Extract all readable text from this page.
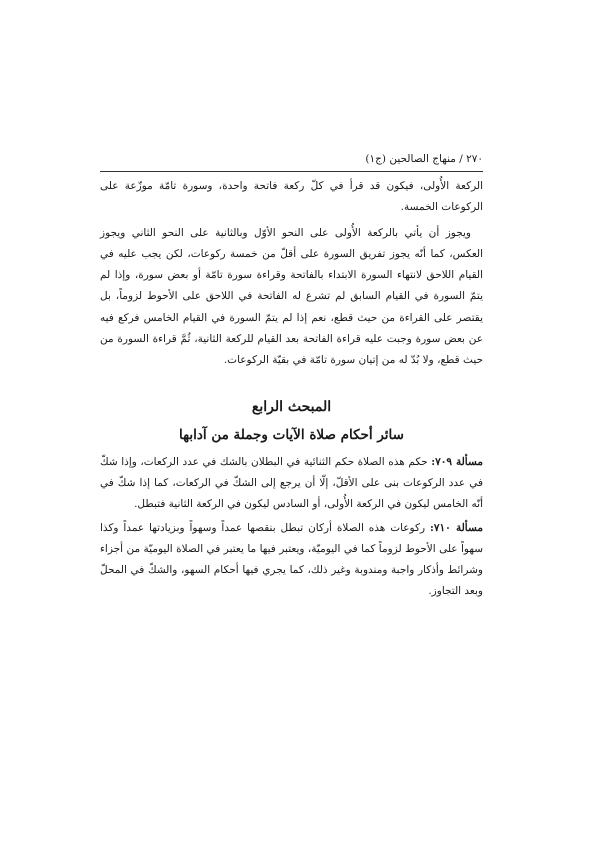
٢٧٠ / منهاج الصالحين (ج١)

الركعة الأُولى، فيكون قد قرأ في كلّ ركعة فاتحة واحدة، وسورة تامّة موزّعة على الركوعات الخمسة.

ويجوز أن يأتي بالركعة الأُولى على النحو الأوّل وبالثانية على النحو الثاني ويجوز العكس، كما أنّه يجوز تفريق السورة على أقلّ من خمسة ركوعات، لكن يجب عليه في القيام اللاحق لانتهاء السورة الابتداء بالفاتحة وقراءة سورة تامّة أو بعض سورة، وإذا لم يتمّ السورة في القيام السابق لم تشرع له الفاتحة في اللاحق على الأحوط لزوماً، بل يقتصر على القراءة من حيث قطع، نعم إذا لم يتمّ السورة في القيام الخامس فركع فيه عن بعض سورة وجبت عليه قراءة الفاتحة بعد القيام للركعة الثانية، ثُمَّ قراءة السورة من حيث قطع، ولا بُدّ له من إتيان سورة تامّة في بقيّة الركوعات.

المبحث الرابع

سائر أحكام صلاة الآيات وجملة من آدابها

مسألة ٧٠٩: حكم هذه الصلاة حكم الثنائية في البطلان بالشك في عدد الركعات، وإذا شكّ في عدد الركوعات بنى على الأقلّ، إلّا أن يرجع إلى الشكّ في الركعات، كما إذا شكّ في أنّه الخامس ليكون في الركعة الأُولى، أو السادس ليكون في الركعة الثانية فتبطل.

مسألة ٧١٠: ركوعات هذه الصلاة أركان تبطل بنقصها عمداً وسهواً وبزيادتها عمداً وكذا سهواً على الأحوط لزوماً كما في اليوميّة، ويعتبر فيها ما يعتبر في الصلاة اليوميّة من أجزاء وشرائط وأذكار واجبة ومندوبة وغير ذلك، كما يجري فيها أحكام السهو، والشكّ في المحلّ وبعد التجاوز.
